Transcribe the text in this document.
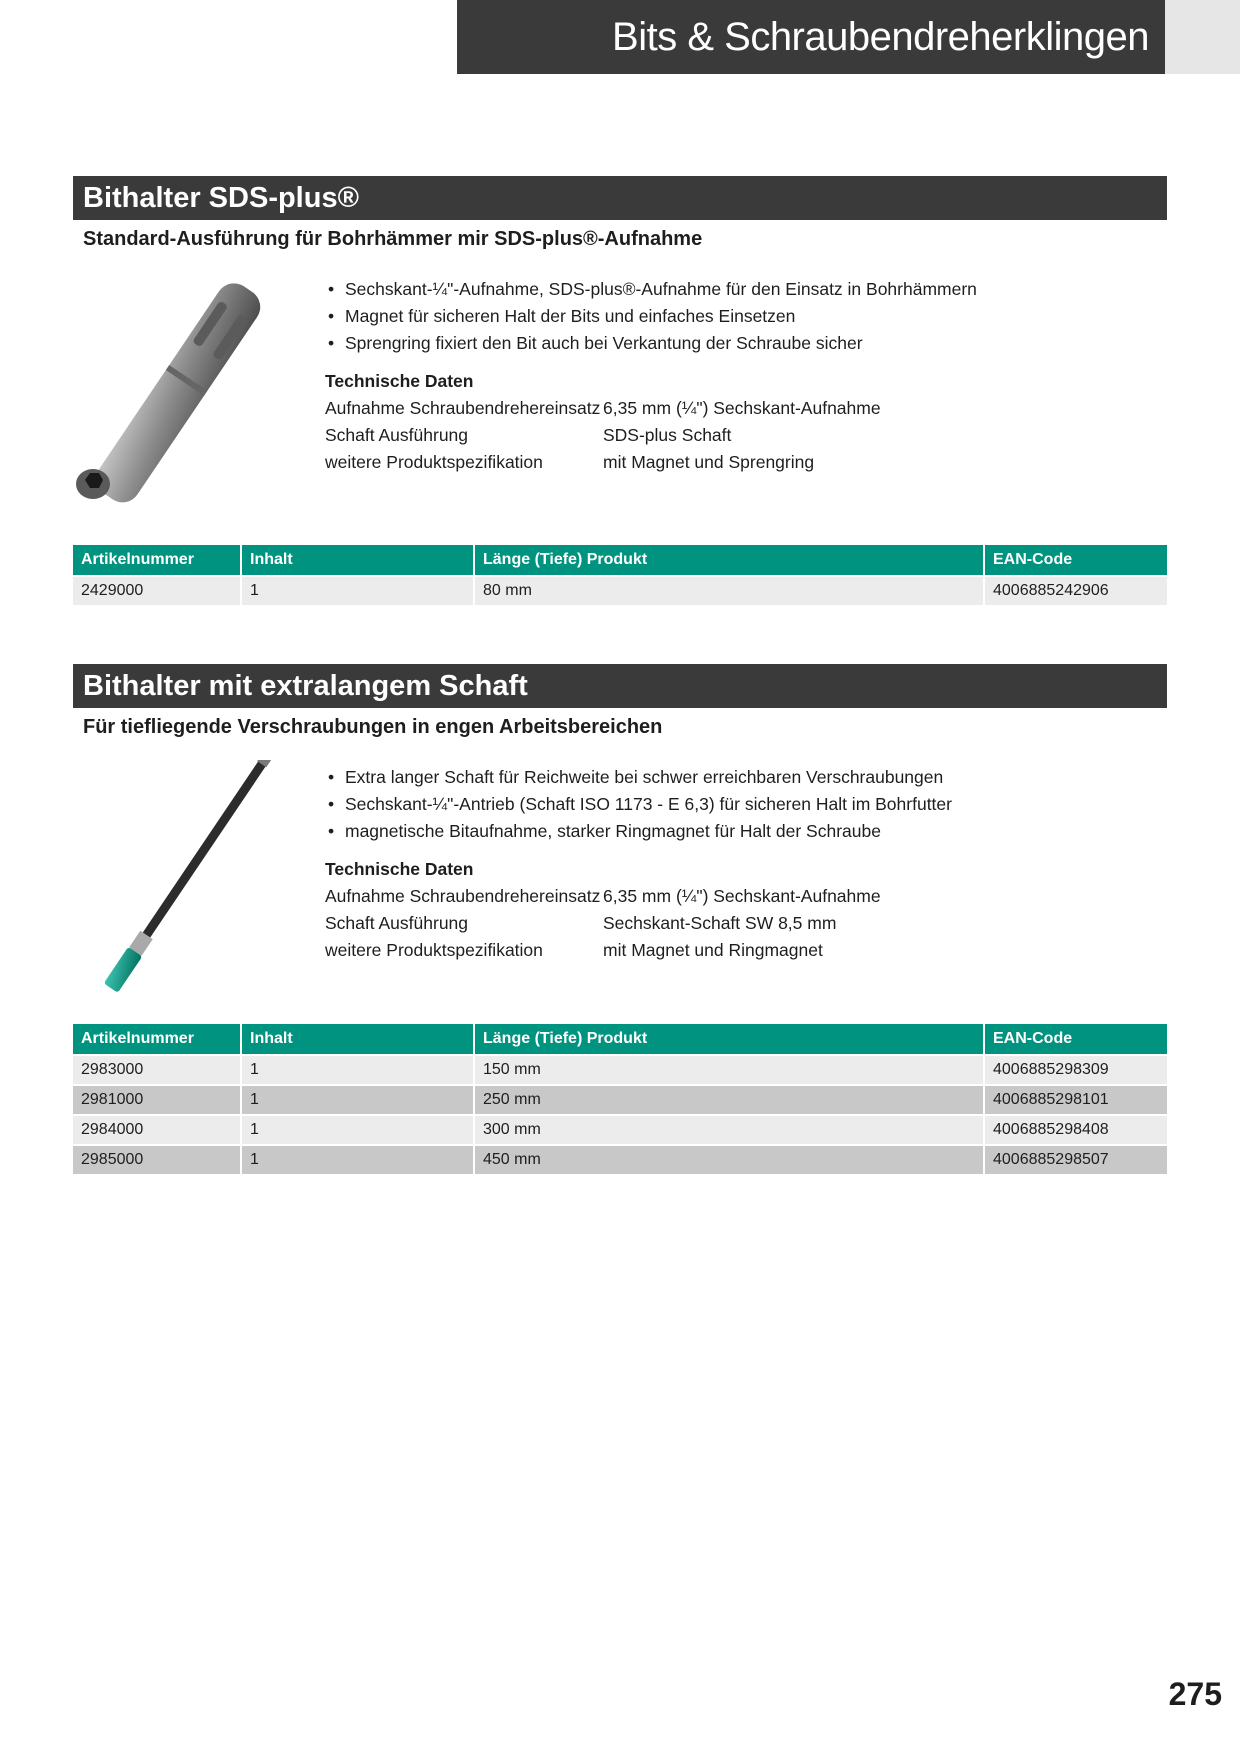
Bits & Schraubendreherklingen
Bithalter SDS-plus®
Standard-Ausführung für Bohrhämmer mir SDS-plus®-Aufnahme
• Sechskant-¼"-Aufnahme, SDS-plus®-Aufnahme für den Einsatz in Bohrhämmern
• Magnet für sicheren Halt der Bits und einfaches Einsetzen
• Sprengring fixiert den Bit auch bei Verkantung der Schraube sicher
Technische Daten
Aufnahme Schraubendrehereinsatz	6,35 mm (¼") Sechskant-Aufnahme
Schaft Ausführung	SDS-plus Schaft
weitere Produktspezifikation	mit Magnet und Sprengring
Artikelnummer	Inhalt	Länge (Tiefe) Produkt	EAN-Code
2429000	1	80 mm	4006885242906
Bithalter mit extralangem Schaft
Für tiefliegende Verschraubungen in engen Arbeitsbereichen
• Extra langer Schaft für Reichweite bei schwer erreichbaren Verschraubungen
• Sechskant-¼"-Antrieb (Schaft ISO 1173 - E 6,3) für sicheren Halt im Bohrfutter
• magnetische Bitaufnahme, starker Ringmagnet für Halt der Schraube
Technische Daten
Aufnahme Schraubendrehereinsatz	6,35 mm (¼") Sechskant-Aufnahme
Schaft Ausführung	Sechskant-Schaft SW 8,5 mm
weitere Produktspezifikation	mit Magnet und Ringmagnet
Artikelnummer	Inhalt	Länge (Tiefe) Produkt	EAN-Code
2983000	1	150 mm	4006885298309
2981000	1	250 mm	4006885298101
2984000	1	300 mm	4006885298408
2985000	1	450 mm	4006885298507
275
